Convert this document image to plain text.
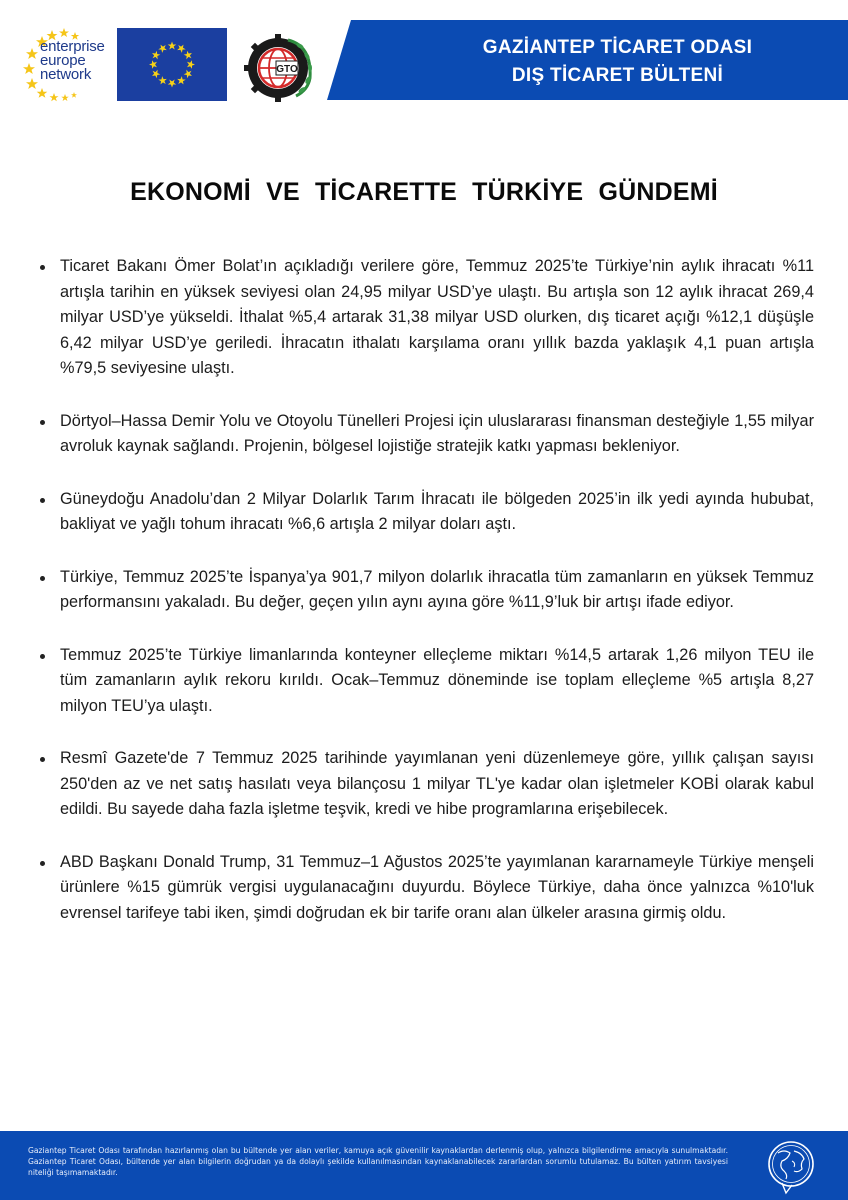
enterprise
europe
network	GTO
GAZİANTEP TİCARET ODASI
DIŞ TİCARET BÜLTENİ
EKONOMİ VE TİCARETTE TÜRKİYE GÜNDEMİ
Ticaret Bakanı Ömer Bolat’ın açıkladığı verilere göre, Temmuz 2025’te Türkiye’nin aylık ihracatı %11 artışla tarihin en yüksek seviyesi olan 24,95 milyar USD’ye ulaştı. Bu artışla son 12 aylık ihracat 269,4 milyar USD’ye yükseldi. İthalat %5,4 artarak 31,38 milyar USD olurken, dış ticaret açığı %12,1 düşüşle 6,42 milyar USD’ye geriledi. İhracatın ithalatı karşılama oranı yıllık bazda yaklaşık 4,1 puan artışla %79,5 seviyesine ulaştı.
Dörtyol–Hassa Demir Yolu ve Otoyolu Tünelleri Projesi için uluslararası finansman desteğiyle 1,55 milyar avroluk kaynak sağlandı. Projenin, bölgesel lojistiğe stratejik katkı yapması bekleniyor.
Güneydoğu Anadolu’dan 2 Milyar Dolarlık Tarım İhracatı ile bölgeden 2025’in ilk yedi ayında hububat, bakliyat ve yağlı tohum ihracatı %6,6 artışla 2 milyar doları aştı.
Türkiye, Temmuz 2025’te İspanya’ya 901,7 milyon dolarlık ihracatla tüm zamanların en yüksek Temmuz performansını yakaladı. Bu değer, geçen yılın aynı ayına göre %11,9’luk bir artışı ifade ediyor.
Temmuz 2025’te Türkiye limanlarında konteyner elleçleme miktarı %14,5 artarak 1,26 milyon TEU ile tüm zamanların aylık rekoru kırıldı. Ocak–Temmuz döneminde ise toplam elleçleme %5 artışla 8,27 milyon TEU’ya ulaştı.
Resmî Gazete'de 7 Temmuz 2025 tarihinde yayımlanan yeni düzenlemeye göre, yıllık çalışan sayısı 250'den az ve net satış hasılatı veya bilançosu 1 milyar TL'ye kadar olan işletmeler KOBİ olarak kabul edildi. Bu sayede daha fazla işletme teşvik, kredi ve hibe programlarına erişebilecek.
ABD Başkanı Donald Trump, 31 Temmuz–1 Ağustos 2025’te yayımlanan kararnameyle Türkiye menşeli ürünlere %15 gümrük vergisi uygulanacağını duyurdu. Böylece Türkiye, daha önce yalnızca %10'luk evrensel tarifeye tabi iken, şimdi doğrudan ek bir tarife oranı alan ülkeler arasına girmiş oldu.

Gaziantep Ticaret Odası tarafından hazırlanmış olan bu bültende yer alan veriler, kamuya açık güvenilir kaynaklardan derlenmiş olup, yalnızca bilgilendirme amacıyla sunulmaktadır. Gaziantep Ticaret Odası, bültende yer alan bilgilerin doğrudan ya da dolaylı şekilde kullanılmasından kaynaklanabilecek zararlardan sorumlu tutulamaz. Bu bülten yatırım tavsiyesi niteliği taşımamaktadır.
